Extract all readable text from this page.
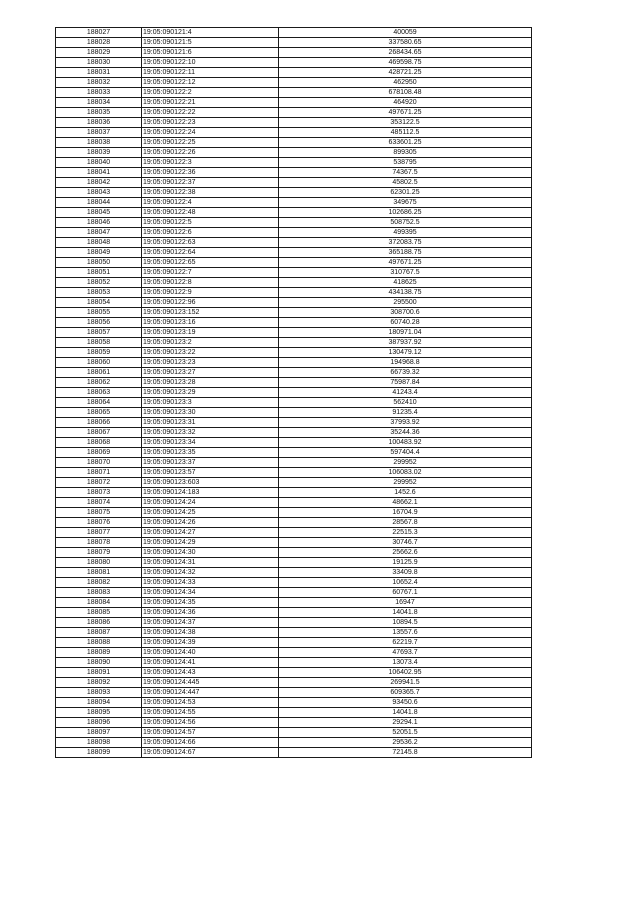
188027	19:05:090121:4	400059
188028	19:05:090121:5	337580.65
188029	19:05:090121:6	268434.65
188030	19:05:090122:10	469598.75
188031	19:05:090122:11	428721.25
188032	19:05:090122:12	462950
188033	19:05:090122:2	678108.48
188034	19:05:090122:21	464920
188035	19:05:090122:22	497671.25
188036	19:05:090122:23	353122.5
188037	19:05:090122:24	485112.5
188038	19:05:090122:25	633601.25
188039	19:05:090122:26	899305
188040	19:05:090122:3	538795
188041	19:05:090122:36	74367.5
188042	19:05:090122:37	45802.5
188043	19:05:090122:38	62301.25
188044	19:05:090122:4	349675
188045	19:05:090122:48	102686.25
188046	19:05:090122:5	508752.5
188047	19:05:090122:6	499395
188048	19:05:090122:63	372083.75
188049	19:05:090122:64	365188.75
188050	19:05:090122:65	497671.25
188051	19:05:090122:7	310767.5
188052	19:05:090122:8	418625
188053	19:05:090122:9	434138.75
188054	19:05:090122:96	295500
188055	19:05:090123:152	308700.6
188056	19:05:090123:16	60740.28
188057	19:05:090123:19	180971.04
188058	19:05:090123:2	387937.92
188059	19:05:090123:22	130479.12
188060	19:05:090123:23	194968.8
188061	19:05:090123:27	66739.32
188062	19:05:090123:28	75987.84
188063	19:05:090123:29	41243.4
188064	19:05:090123:3	562410
188065	19:05:090123:30	91235.4
188066	19:05:090123:31	37993.92
188067	19:05:090123:32	35244.36
188068	19:05:090123:34	100483.92
188069	19:05:090123:35	597404.4
188070	19:05:090123:37	299952
188071	19:05:090123:57	106083.02
188072	19:05:090123:603	299952
188073	19:05:090124:183	1452.6
188074	19:05:090124:24	48662.1
188075	19:05:090124:25	16704.9
188076	19:05:090124:26	28567.8
188077	19:05:090124:27	22515.3
188078	19:05:090124:29	30746.7
188079	19:05:090124:30	25662.6
188080	19:05:090124:31	19125.9
188081	19:05:090124:32	33409.8
188082	19:05:090124:33	10652.4
188083	19:05:090124:34	60767.1
188084	19:05:090124:35	16947
188085	19:05:090124:36	14041.8
188086	19:05:090124:37	10894.5
188087	19:05:090124:38	13557.6
188088	19:05:090124:39	62219.7
188089	19:05:090124:40	47693.7
188090	19:05:090124:41	13073.4
188091	19:05:090124:43	106402.95
188092	19:05:090124:445	269941.5
188093	19:05:090124:447	609365.7
188094	19:05:090124:53	93450.6
188095	19:05:090124:55	14041.8
188096	19:05:090124:56	29294.1
188097	19:05:090124:57	52051.5
188098	19:05:090124:66	29536.2
188099	19:05:090124:67	72145.8
